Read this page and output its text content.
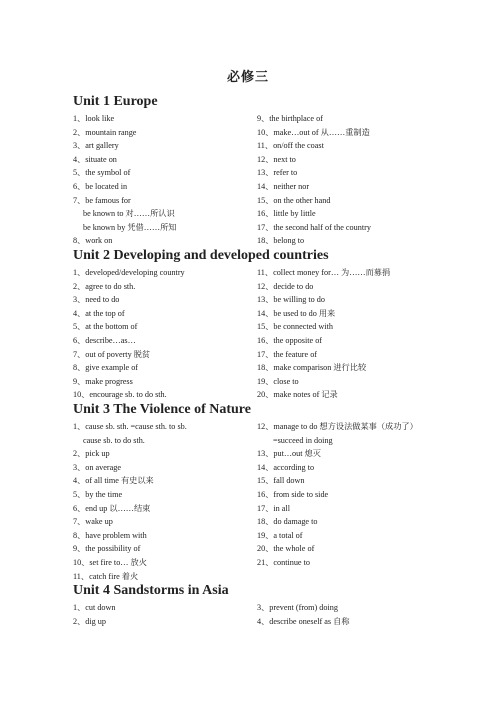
必修三
Unit 1 Europe
1、look like
2、mountain range
3、art gallery
4、situate on
5、the symbol of
6、be located in
7、be famous for
be known to 对……所认识
be known by 凭借……所知
8、work on
9、the birthplace of
10、make…out of 从……重制造
11、on/off the coast
12、next to
13、refer to
14、neither nor
15、on the other hand
16、little by little
17、the second half of the country
18、belong to
Unit 2 Developing and developed countries
1、developed/developing country
2、agree to do sth.
3、need to do
4、at the top of
5、at the bottom of
6、describe…as…
7、out of poverty 脱贫
8、give example of
9、make progress
10、encourage sb. to do sth.
11、collect money for… 为……而募捐
12、decide to do
13、be willing to do
14、be used to do 用来
15、be connected with
16、the opposite of
17、the feature of
18、make comparison 进行比较
19、close to
20、make notes of 记录
Unit 3 The Violence of Nature
1、cause sb. sth. =cause sth. to sb.
cause sb. to do sth.
2、pick up
3、on average
4、of all time 有史以来
5、by the time
6、end up 以……结束
7、wake up
8、have problem with
9、the possibility of
10、set fire to… 放火
11、catch fire 着火
12、manage to do 想方设法做某事（成功了）
=succeed in doing
13、put…out 熄灭
14、according to
15、fall down
16、from side to side
17、in all
18、do damage to
19、a total of
20、the whole of
21、continue to
Unit 4 Sandstorms in Asia
1、cut down
2、dig up
3、prevent (from) doing
4、describe oneself as 自称
